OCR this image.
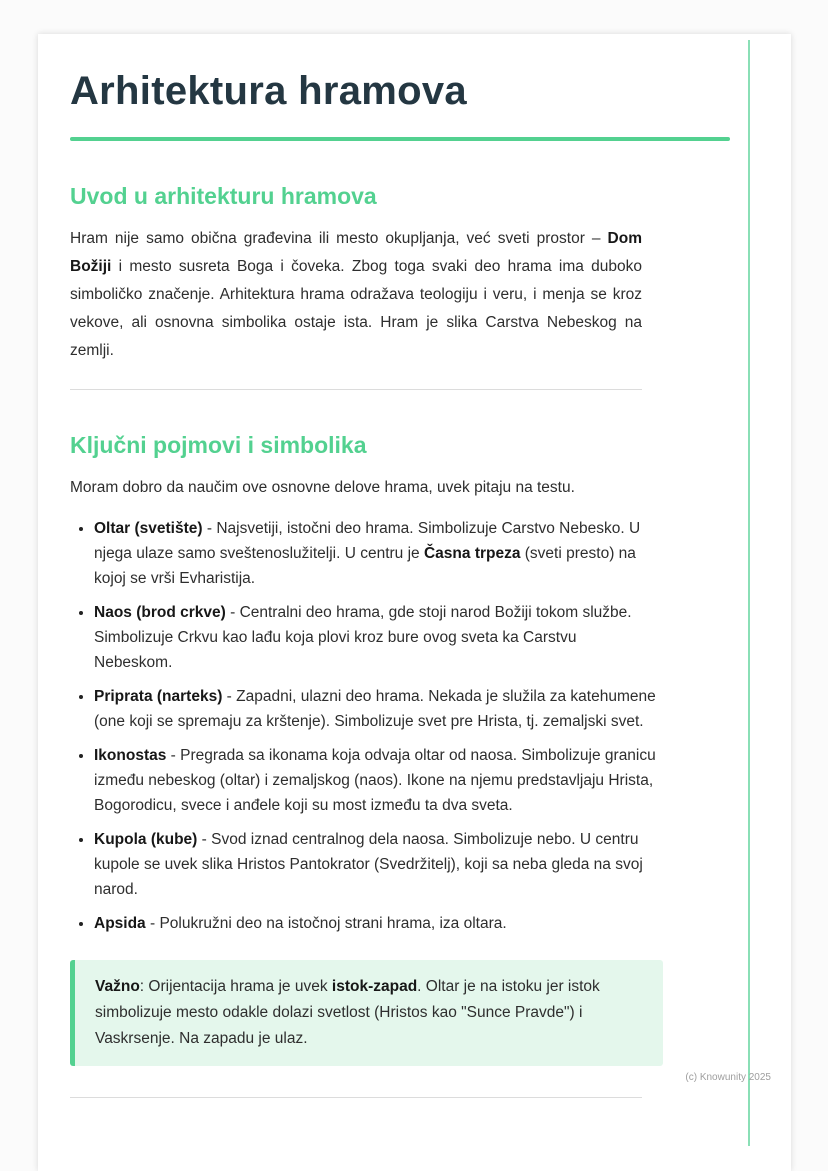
Arhitektura hramova
Uvod u arhitekturu hramova

Hram nije samo obična građevina ili mesto okupljanja, već sveti prostor – Dom Božiji i mesto susreta Boga i čoveka. Zbog toga svaki deo hrama ima duboko simboličko značenje. Arhitektura hrama odražava teologiju i veru, i menja se kroz vekove, ali osnovna simbolika ostaje ista. Hram je slika Carstva Nebeskog na zemlji.

Ključni pojmovi i simbolika

Moram dobro da naučim ove osnovne delove hrama, uvek pitaju na testu.

• Oltar (svetište) - Najsvetiji, istočni deo hrama. Simbolizuje Carstvo Nebesko. U njega ulaze samo sveštenoslužitelji. U centru je Časna trpeza (sveti presto) na kojoj se vrši Evharistija.
• Naos (brod crkve) - Centralni deo hrama, gde stoji narod Božiji tokom službe. Simbolizuje Crkvu kao lađu koja plovi kroz bure ovog sveta ka Carstvu Nebeskom.
• Priprata (narteks) - Zapadni, ulazni deo hrama. Nekada je služila za katehumene (one koji se spremaju za krštenje). Simbolizuje svet pre Hrista, tj. zemaljski svet.
• Ikonostas - Pregrada sa ikonama koja odvaja oltar od naosa. Simbolizuje granicu između nebeskog (oltar) i zemaljskog (naos). Ikone na njemu predstavljaju Hrista, Bogorodicu, svece i anđele koji su most između ta dva sveta.
• Kupola (kube) - Svod iznad centralnog dela naosa. Simbolizuje nebo. U centru kupole se uvek slika Hristos Pantokrator (Svedržitelj), koji sa neba gleda na svoj narod.
• Apsida - Polukružni deo na istočnoj strani hrama, iza oltara.

Važno: Orijentacija hrama je uvek istok-zapad. Oltar je na istoku jer istok simbolizuje mesto odakle dolazi svetlost (Hristos kao "Sunce Pravde") i Vaskrsenje. Na zapadu je ulaz.

(c) Knowunity 2025
